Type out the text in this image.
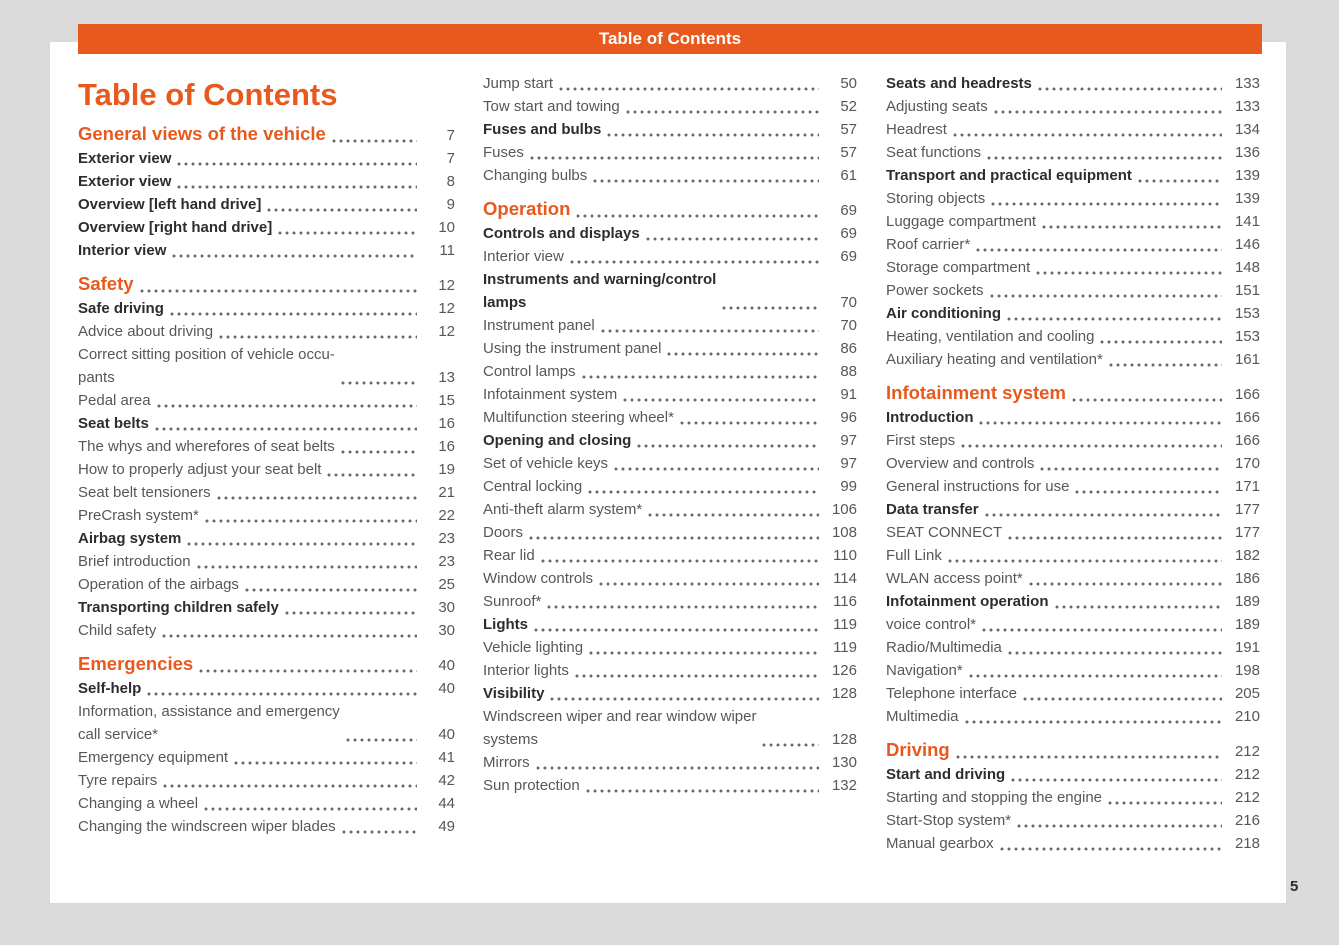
Table of Contents
Table of Contents
General views of the vehicle	7
Exterior view	7
Exterior view	8
Overview [left hand drive]	9
Overview [right hand drive]	10
Interior view	11
Safety	12
Safe driving	12
Advice about driving	12
Correct sitting position of vehicle occu-
pants	13
Pedal area	15
Seat belts	16
The whys and wherefores of seat belts	16
How to properly adjust your seat belt	19
Seat belt tensioners	21
PreCrash system*	22
Airbag system	23
Brief introduction	23
Operation of the airbags	25
Transporting children safely	30
Child safety	30
Emergencies	40
Self-help	40
Information, assistance and emergency
call service*	40
Emergency equipment	41
Tyre repairs	42
Changing a wheel	44
Changing the windscreen wiper blades	49
Jump start	50
Tow start and towing	52
Fuses and bulbs	57
Fuses	57
Changing bulbs	61
Operation	69
Controls and displays	69
Interior view	69
Instruments and warning/control
lamps	70
Instrument panel	70
Using the instrument panel	86
Control lamps	88
Infotainment system	91
Multifunction steering wheel*	96
Opening and closing	97
Set of vehicle keys	97
Central locking	99
Anti-theft alarm system*	106
Doors	108
Rear lid	110
Window controls	114
Sunroof*	116
Lights	119
Vehicle lighting	119
Interior lights	126
Visibility	128
Windscreen wiper and rear window wiper
systems	128
Mirrors	130
Sun protection	132
Seats and headrests	133
Adjusting seats	133
Headrest	134
Seat functions	136
Transport and practical equipment	139
Storing objects	139
Luggage compartment	141
Roof carrier*	146
Storage compartment	148
Power sockets	151
Air conditioning	153
Heating, ventilation and cooling	153
Auxiliary heating and ventilation*	161
Infotainment system	166
Introduction	166
First steps	166
Overview and controls	170
General instructions for use	171
Data transfer	177
SEAT CONNECT	177
Full Link	182
WLAN access point*	186
Infotainment operation	189
voice control*	189
Radio/Multimedia	191
Navigation*	198
Telephone interface	205
Multimedia	210
Driving	212
Start and driving	212
Starting and stopping the engine	212
Start-Stop system*	216
Manual gearbox	218
5
